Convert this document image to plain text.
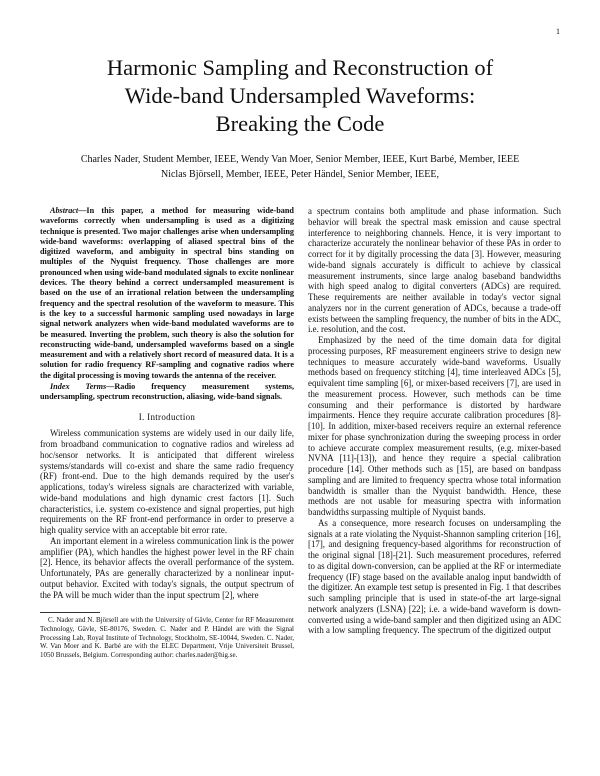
1
Harmonic Sampling and Reconstruction of
Wide-band Undersampled Waveforms:
Breaking the Code
Charles Nader, Student Member, IEEE, Wendy Van Moer, Senior Member, IEEE, Kurt Barbé, Member, IEEE
Niclas Björsell, Member, IEEE, Peter Händel, Senior Member, IEEE,

Abstract—In this paper, a method for measuring wide-band waveforms correctly when undersampling is used as a digitizing technique is presented. Two major challenges arise when undersampling wide-band waveforms: overlapping of aliased spectral bins of the digitized waveform, and ambiguity in spectral bins standing on multiples of the Nyquist frequency. Those challenges are more pronounced when using wide-band modulated signals to excite nonlinear devices. The theory behind a correct undersampled measurement is based on the use of an irrational relation between the undersampling frequency and the spectral resolution of the waveform to measure. This is the key to a successful harmonic sampling used nowadays in large signal network analyzers when wide-band modulated waveforms are to be measured. Inverting the problem, such theory is also the solution for reconstructing wide-band, undersampled waveforms based on a single measurement and with a relatively short record of measured data. It is a solution for radio frequency RF-sampling and cognative radios where the digital processing is moving towards the antenna of the receiver.

Index Terms—Radio frequency measurement systems, undersampling, spectrum reconstruction, aliasing, wide-band signals.

I. Introduction

Wireless communication systems are widely used in our daily life, from broadband communication to cognative radios and wireless ad hoc/sensor networks. It is anticipated that different wireless systems/standards will co-exist and share the same radio frequency (RF) front-end. Due to the high demands required by the user's applications, today's wireless signals are characterized with variable, wide-band modulations and high dynamic crest factors [1]. Such characteristics, i.e. system co-existence and signal properties, put high requirements on the RF front-end performance in order to preserve a high quality service with an acceptable bit error rate.

An important element in a wireless communication link is the power amplifier (PA), which handles the highest power level in the RF chain [2]. Hence, its behavior affects the overall performance of the system. Unfortunately, PAs are generally characterized by a nonlinear input-output behavior. Excited with today's signals, the output spectrum of the PA will be much wider than the input spectrum [2], where

C. Nader and N. Björsell are with the University of Gävle, Center for RF Measurement Technology, Gävle, SE-80176, Sweden. C. Nader and P. Händel are with the Signal Processing Lab, Royal Institute of Technology, Stockholm, SE-10044, Sweden. C. Nader, W. Van Moer and K. Barbé are with the ELEC Department, Vrije Universiteit Brussel, 1050 Brussels, Belgium. Corresponding author: charles.nader@hig.se.

a spectrum contains both amplitude and phase information. Such behavior will break the spectral mask emission and cause spectral interference to neighboring channels. Hence, it is very important to characterize accurately the nonlinear behavior of these PAs in order to correct for it by digitally processing the data [3]. However, measuring wide-band signals accurately is difficult to achieve by classical measurement instruments, since large analog baseband bandwidths with high speed analog to digital converters (ADCs) are required. These requirements are neither available in today's vector signal analyzers nor in the current generation of ADCs, because a trade-off exists between the sampling frequency, the number of bits in the ADC, i.e. resolution, and the cost.

Emphasized by the need of the time domain data for digital processing purposes, RF measurement engineers strive to design new techniques to measure accurately wide-band waveforms. Usually methods based on frequency stitching [4], time interleaved ADCs [5], equivalent time sampling [6], or mixer-based receivers [7], are used in the measurement process. However, such methods can be time consuming and their performance is distorted by hardware impairments. Hence they require accurate calibration procedures [8]-[10]. In addition, mixer-based receivers require an external reference mixer for phase synchronization during the sweeping process in order to achieve accurate complex measurement results, (e.g. mixer-based NVNA [11]-[13]), and hence they require a special calibration procedure [14]. Other methods such as [15], are based on bandpass sampling and are limited to frequency spectra whose total information bandwidth is smaller than the Nyquist bandwidth. Hence, these methods are not usable for measuring spectra with information bandwidths surpassing multiple of Nyquist bands.

As a consequence, more research focuses on undersampling the signals at a rate violating the Nyquist-Shannon sampling criterion [16], [17], and designing frequency-based algorithms for reconstruction of the original signal [18]-[21]. Such measurement procedures, referred to as digital down-conversion, can be applied at the RF or intermediate frequency (IF) stage based on the available analog input bandwidth of the digitizer. An example test setup is presented in Fig. 1 that describes such sampling principle that is used in state-of-the art large-signal network analyzers (LSNA) [22]; i.e. a wide-band waveform is down-converted using a wide-band sampler and then digitized using an ADC with a low sampling frequency. The spectrum of the digitized output
